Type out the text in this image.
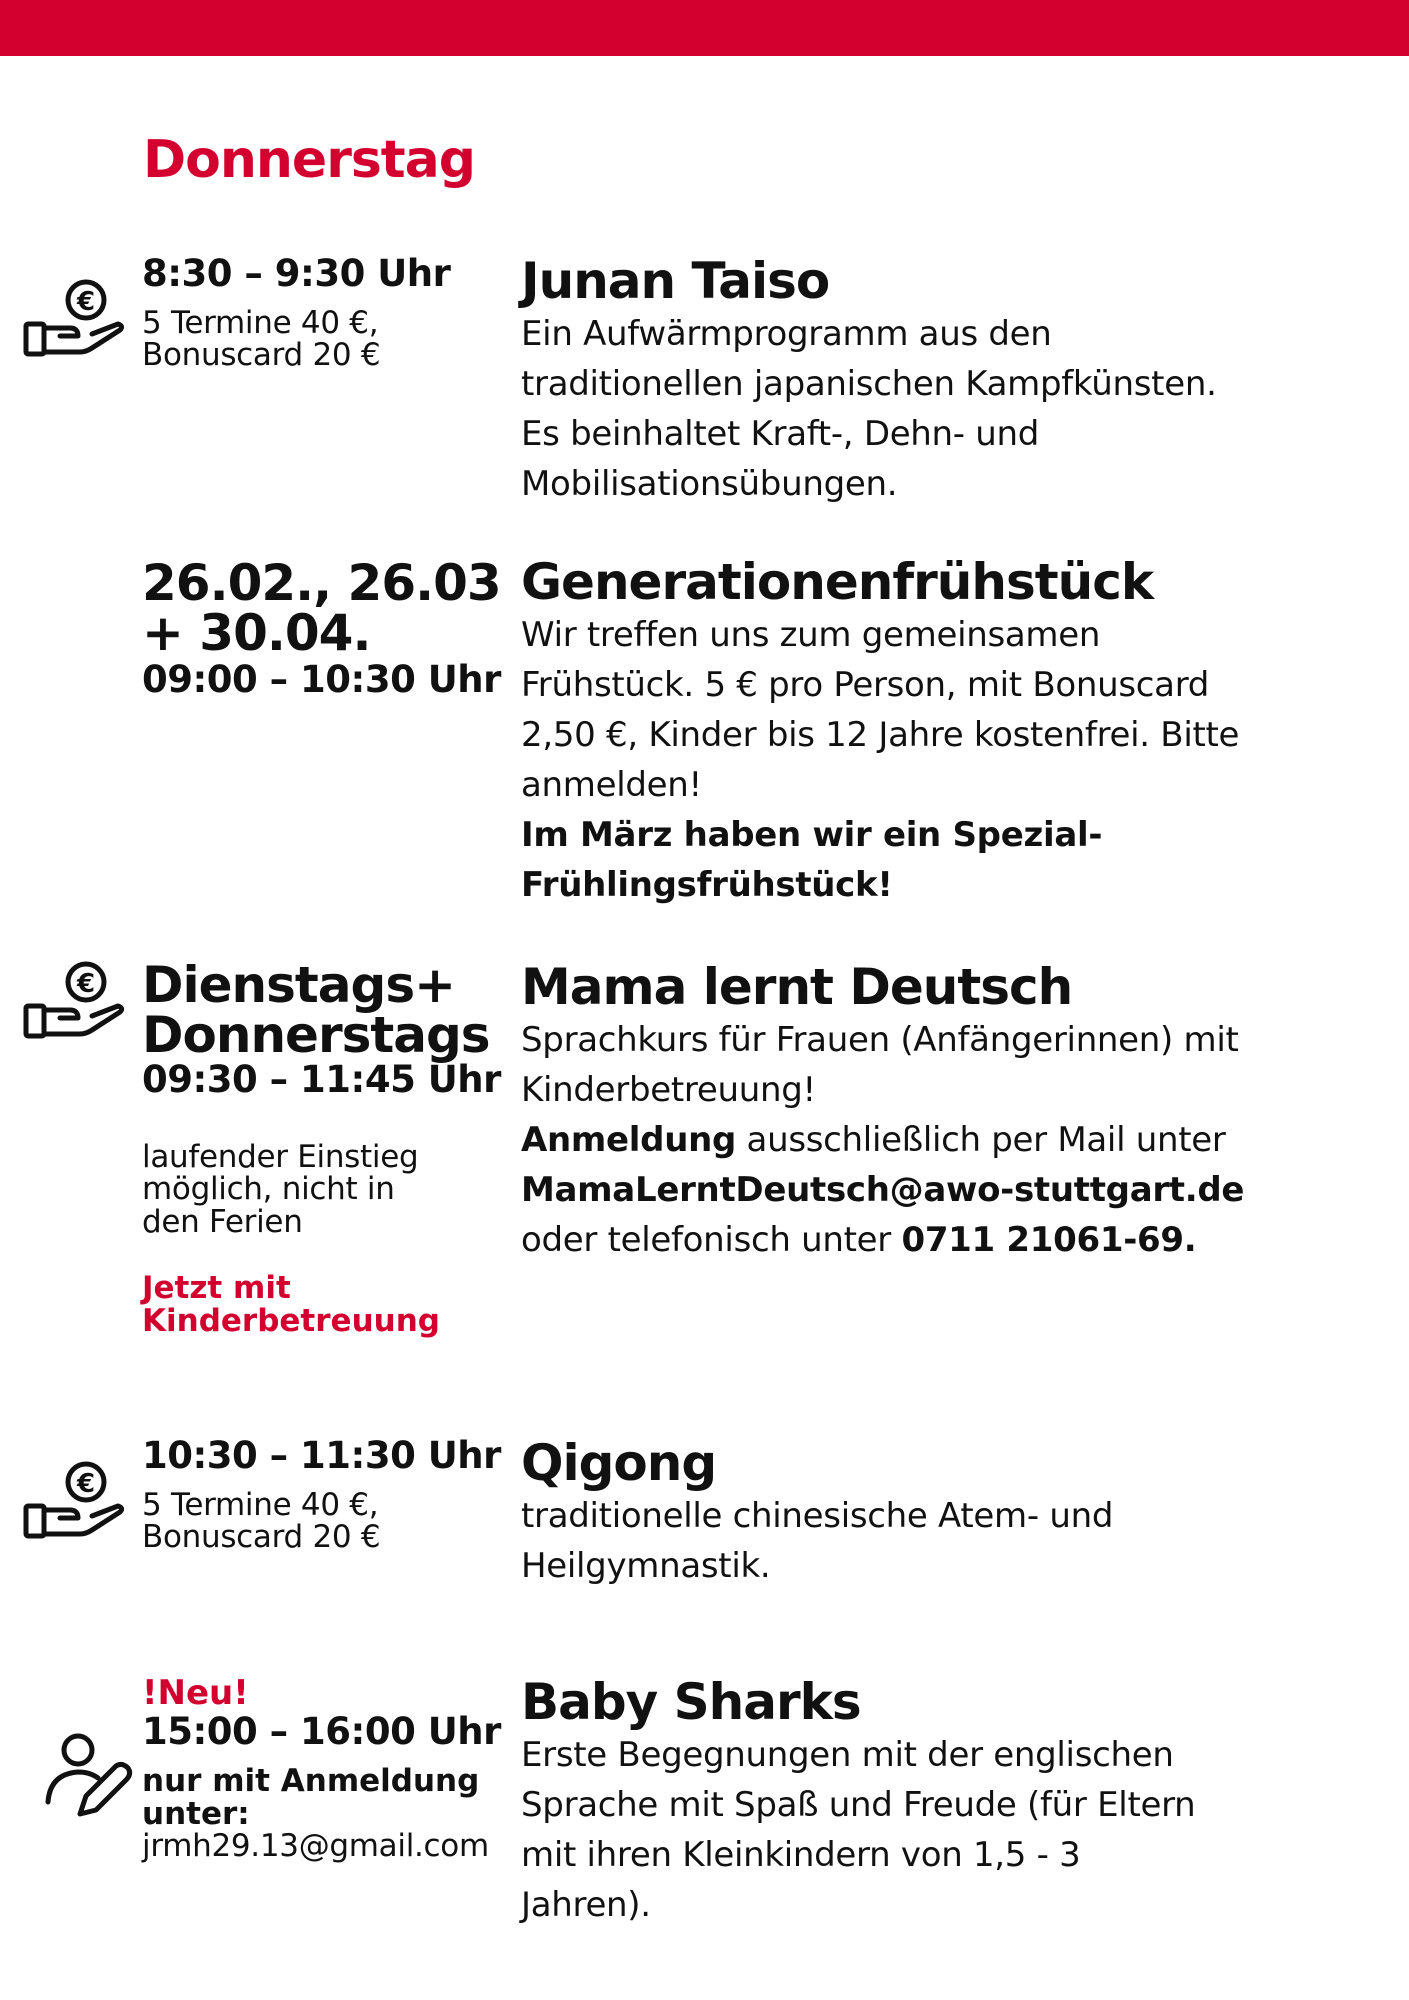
Donnerstag
€
8:30 – 9:30 Uhr
5 Termine 40 €,
Bonuscard 20 €
Junan Taiso

Ein Aufwärmprogramm aus den

traditionellen japanischen Kampfkünsten.

Es beinhaltet Kraft-, Dehn- und

Mobilisationsübungen.

26.02., 26.03
+ 30.04.
09:00 – 10:30 Uhr
Generationenfrühstück

Wir treffen uns zum gemeinsamen

Frühstück. 5 € pro Person, mit Bonuscard

2,50 €, Kinder bis 12 Jahre kostenfrei. Bitte

anmelden!

Im März haben wir ein Spezial-

Frühlingsfrühstück!

€ Dienstags+
Donnerstags
09:30 – 11:45 Uhr
laufender Einstieg
möglich, nicht in
den Ferien
Jetzt mit
Kinderbetreuung
Mama lernt Deutsch

Sprachkurs für Frauen (Anfängerinnen) mit

Kinderbetreuung!

Anmeldung ausschließlich per Mail unter

MamaLerntDeutsch@awo-stuttgart.de

oder telefonisch unter 0711 21061-69.

€
10:30 – 11:30 Uhr
5 Termine 40 €,
Bonuscard 20 €
Qigong

traditionelle chinesische Atem- und

Heilgymnastik.

!Neu!
15:00 – 16:00 Uhr
nur mit Anmeldung
unter:
jrmh29.13@gmail.com
Baby Sharks

Erste Begegnungen mit der englischen

Sprache mit Spaß und Freude (für Eltern

mit ihren Kleinkindern von 1,5 - 3

Jahren).
